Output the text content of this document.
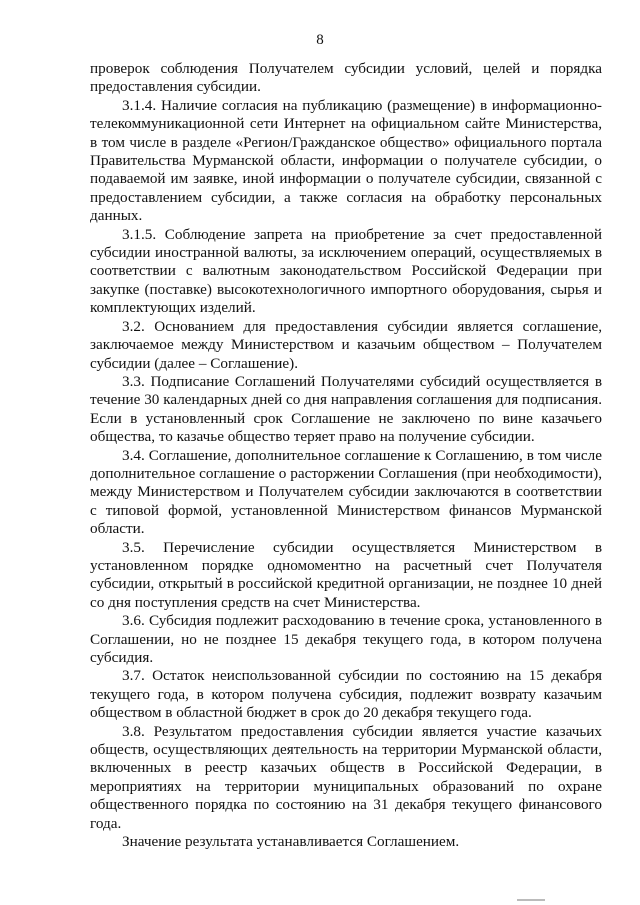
8

проверок соблюдения Получателем субсидии условий, целей и порядка предоставления субсидии.

3.1.4. Наличие согласия на публикацию (размещение) в информационно-телекоммуникационной сети Интернет на официальном сайте Министерства, в том числе в разделе «Регион/Гражданское общество» официального портала Правительства Мурманской области, информации о получателе субсидии, о подаваемой им заявке, иной информации о получателе субсидии, связанной с предоставлением субсидии, а также согласия на обработку персональных данных.

3.1.5. Соблюдение запрета на приобретение за счет предоставленной субсидии иностранной валюты, за исключением операций, осуществляемых в соответствии с валютным законодательством Российской Федерации при закупке (поставке) высокотехнологичного импортного оборудования, сырья и комплектующих изделий.

3.2. Основанием для предоставления субсидии является соглашение, заключаемое между Министерством и казачьим обществом – Получателем субсидии (далее – Соглашение).

3.3. Подписание Соглашений Получателями субсидий осуществляется в течение 30 календарных дней со дня направления соглашения для подписания. Если в установленный срок Соглашение не заключено по вине казачьего общества, то казачье общество теряет право на получение субсидии.

3.4. Соглашение, дополнительное соглашение к Соглашению, в том числе дополнительное соглашение о расторжении Соглашения (при необходимости), между Министерством и Получателем субсидии заключаются в соответствии с типовой формой, установленной Министерством финансов Мурманской области.

3.5. Перечисление субсидии осуществляется Министерством в установленном порядке одномоментно на расчетный счет Получателя субсидии, открытый в российской кредитной организации, не позднее 10 дней со дня поступления средств на счет Министерства.

3.6. Субсидия подлежит расходованию в течение срока, установленного в Соглашении, но не позднее 15 декабря текущего года, в котором получена субсидия.

3.7. Остаток неиспользованной субсидии по состоянию на 15 декабря текущего года, в котором получена субсидия, подлежит возврату казачьим обществом в областной бюджет в срок до 20 декабря текущего года.

3.8. Результатом предоставления субсидии является участие казачьих обществ, осуществляющих деятельность на территории Мурманской области, включенных в реестр казачьих обществ в Российской Федерации, в мероприятиях на территории муниципальных образований по охране общественного порядка по состоянию на 31 декабря текущего финансового года.

Значение результата устанавливается Соглашением.
